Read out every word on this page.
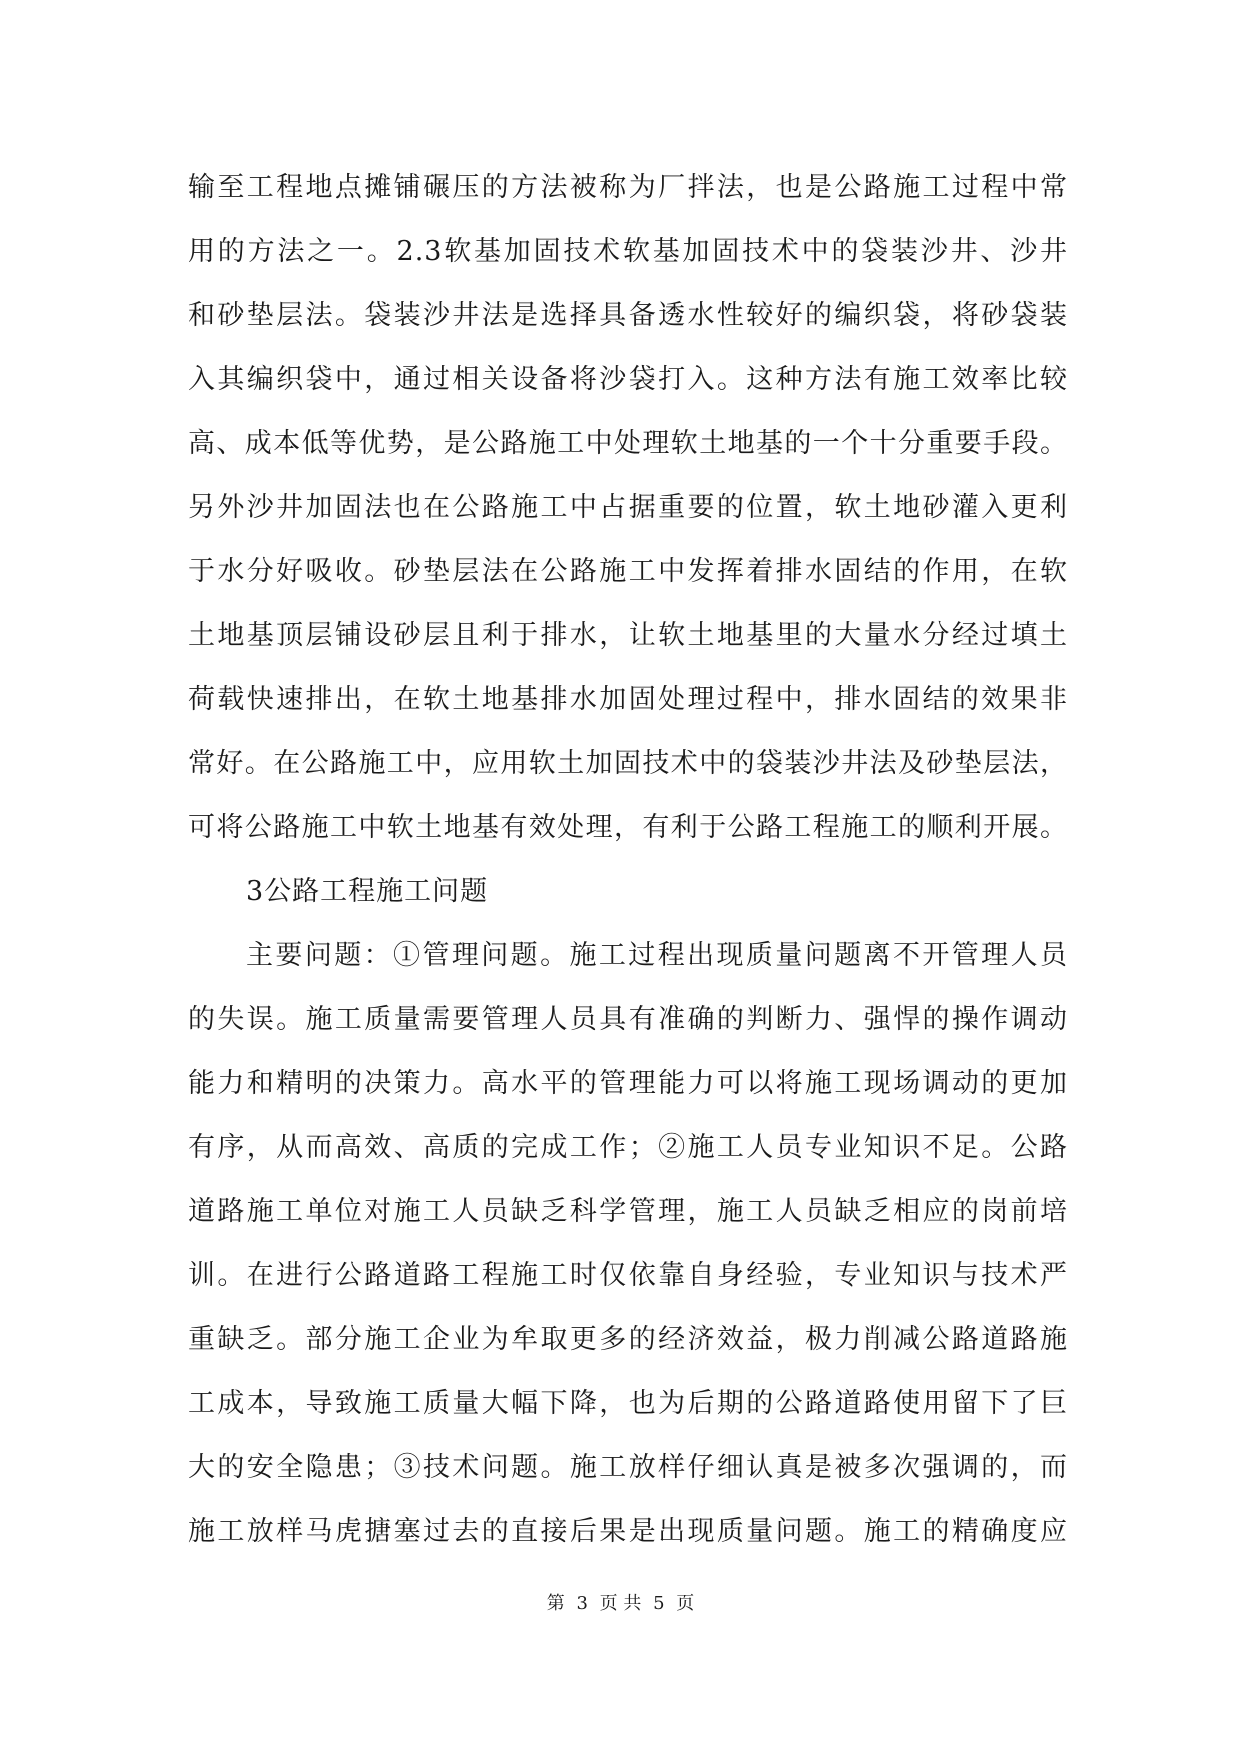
输至工程地点摊铺碾压的方法被称为厂拌法，也是公路施工过程中常
用的方法之一。2.3软基加固技术软基加固技术中的袋装沙井、沙井
和砂垫层法。袋装沙井法是选择具备透水性较好的编织袋，将砂袋装
入其编织袋中，通过相关设备将沙袋打入。这种方法有施工效率比较
高、成本低等优势，是公路施工中处理软土地基的一个十分重要手段。
另外沙井加固法也在公路施工中占据重要的位置，软土地砂灌入更利
于水分好吸收。砂垫层法在公路施工中发挥着排水固结的作用，在软
土地基顶层铺设砂层且利于排水，让软土地基里的大量水分经过填土
荷载快速排出，在软土地基排水加固处理过程中，排水固结的效果非
常好。在公路施工中，应用软土加固技术中的袋装沙井法及砂垫层法，
可将公路施工中软土地基有效处理，有利于公路工程施工的顺利开展。
3公路工程施工问题
主要问题：①管理问题。施工过程出现质量问题离不开管理人员
的失误。施工质量需要管理人员具有准确的判断力、强悍的操作调动
能力和精明的决策力。高水平的管理能力可以将施工现场调动的更加
有序，从而高效、高质的完成工作；②施工人员专业知识不足。公路
道路施工单位对施工人员缺乏科学管理，施工人员缺乏相应的岗前培
训。在进行公路道路工程施工时仅依靠自身经验，专业知识与技术严
重缺乏。部分施工企业为牟取更多的经济效益，极力削减公路道路施
工成本，导致施工质量大幅下降，也为后期的公路道路使用留下了巨
大的安全隐患；③技术问题。施工放样仔细认真是被多次强调的，而
施工放样马虎搪塞过去的直接后果是出现质量问题。施工的精确度应
第 3 页 共 5 页
